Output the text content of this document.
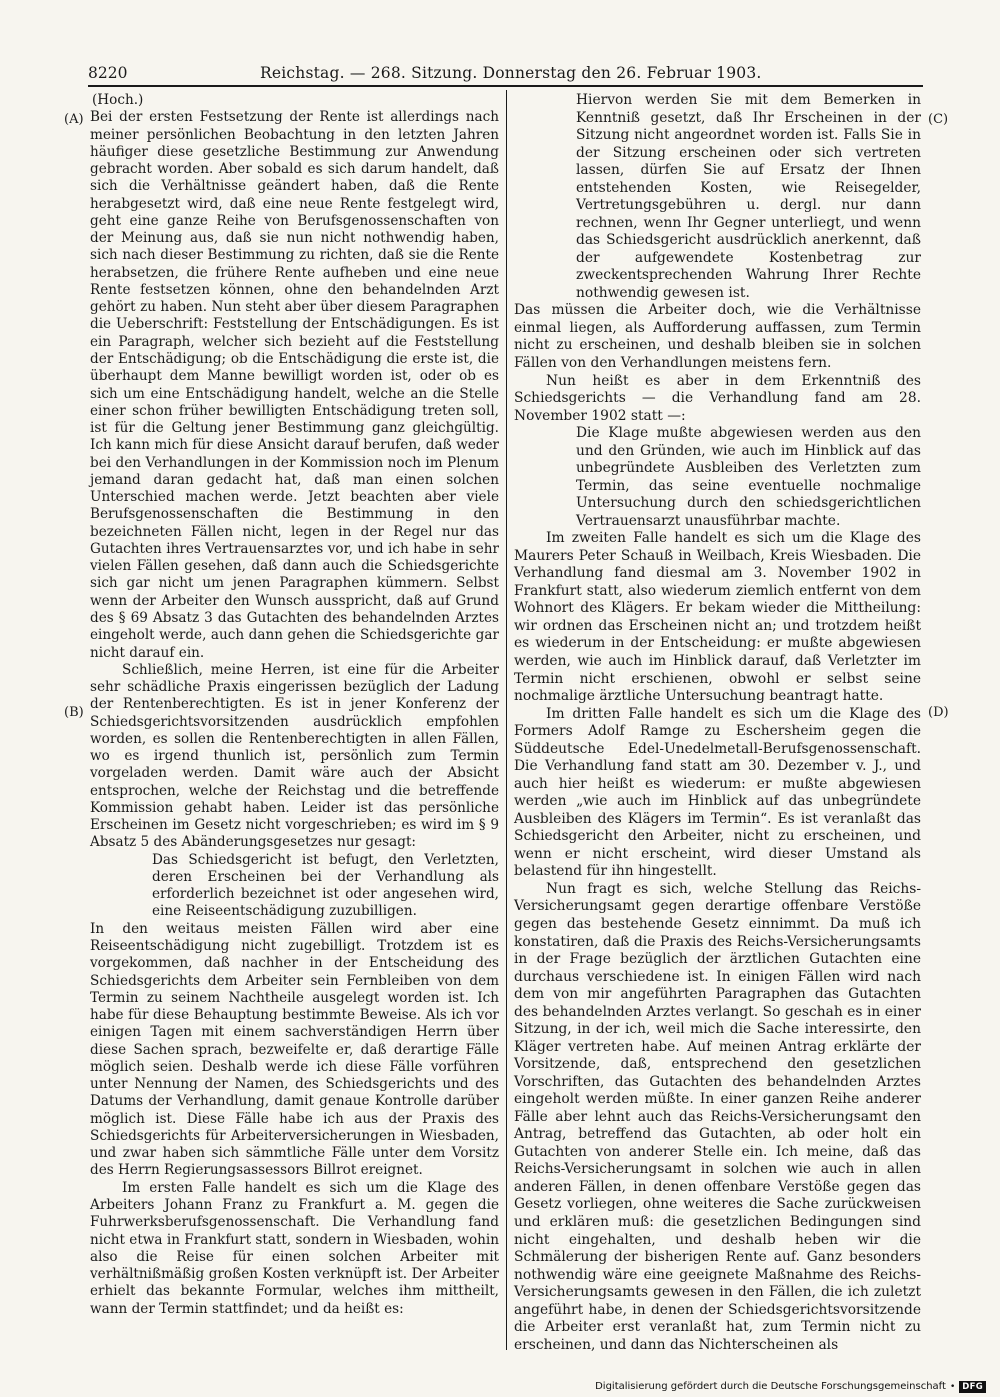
8220	Reichstag. — 268. Sitzung. Donnerstag den 26. Februar 1903.
(A)
(B)
(C)
(D)

(Hoch.)

Bei der ersten Festsetzung der Rente ist allerdings nach meiner persönlichen Beobachtung in den letzten Jahren häufiger diese gesetzliche Bestimmung zur Anwendung gebracht worden. Aber sobald es sich darum handelt, daß sich die Verhältnisse geändert haben, daß die Rente herabgesetzt wird, daß eine neue Rente festgelegt wird, geht eine ganze Reihe von Berufsgenossenschaften von der Meinung aus, daß sie nun nicht nothwendig haben, sich nach dieser Bestimmung zu richten, daß sie die Rente herabsetzen, die frühere Rente aufheben und eine neue Rente festsetzen können, ohne den behandelnden Arzt gehört zu haben. Nun steht aber über diesem Paragraphen die Ueberschrift: Feststellung der Entschädigungen. Es ist ein Paragraph, welcher sich bezieht auf die Feststellung der Entschädigung; ob die Entschädigung die erste ist, die überhaupt dem Manne bewilligt worden ist, oder ob es sich um eine Entschädigung handelt, welche an die Stelle einer schon früher bewilligten Entschädigung treten soll, ist für die Geltung jener Bestimmung ganz gleichgültig. Ich kann mich für diese Ansicht darauf berufen, daß weder bei den Verhandlungen in der Kommission noch im Plenum jemand daran gedacht hat, daß man einen solchen Unterschied machen werde. Jetzt beachten aber viele Berufsgenossenschaften die Bestimmung in den bezeichneten Fällen nicht, legen in der Regel nur das Gutachten ihres Vertrauensarztes vor, und ich habe in sehr vielen Fällen gesehen, daß dann auch die Schiedsgerichte sich gar nicht um jenen Paragraphen kümmern. Selbst wenn der Arbeiter den Wunsch ausspricht, daß auf Grund des § 69 Absatz 3 das Gutachten des behandelnden Arztes eingeholt werde, auch dann gehen die Schiedsgerichte gar nicht darauf ein.

Schließlich, meine Herren, ist eine für die Arbeiter sehr schädliche Praxis eingerissen bezüglich der Ladung der Rentenberechtigten. Es ist in jener Konferenz der Schiedsgerichtsvorsitzenden ausdrücklich empfohlen worden, es sollen die Rentenberechtigten in allen Fällen, wo es irgend thunlich ist, persönlich zum Termin vorgeladen werden. Damit wäre auch der Absicht entsprochen, welche der Reichstag und die betreffende Kommission gehabt haben. Leider ist das persönliche Erscheinen im Gesetz nicht vorgeschrieben; es wird im § 9 Absatz 5 des Abänderungsgesetzes nur gesagt:

Das Schiedsgericht ist befugt, den Verletzten, deren Erscheinen bei der Verhandlung als erforderlich bezeichnet ist oder angesehen wird, eine Reiseentschädigung zuzubilligen.

In den weitaus meisten Fällen wird aber eine Reiseentschädigung nicht zugebilligt. Trotzdem ist es vorgekommen, daß nachher in der Entscheidung des Schiedsgerichts dem Arbeiter sein Fernbleiben von dem Termin zu seinem Nachtheile ausgelegt worden ist. Ich habe für diese Behauptung bestimmte Beweise. Als ich vor einigen Tagen mit einem sachverständigen Herrn über diese Sachen sprach, bezweifelte er, daß derartige Fälle möglich seien. Deshalb werde ich diese Fälle vorführen unter Nennung der Namen, des Schiedsgerichts und des Datums der Verhandlung, damit genaue Kontrolle darüber möglich ist. Diese Fälle habe ich aus der Praxis des Schiedsgerichts für Arbeiterversicherungen in Wiesbaden, und zwar haben sich sämmtliche Fälle unter dem Vorsitz des Herrn Regierungsassessors Billrot ereignet.

Im ersten Falle handelt es sich um die Klage des Arbeiters Johann Franz zu Frankfurt a. M. gegen die Fuhrwerksberufsgenossenschaft. Die Verhandlung fand nicht etwa in Frankfurt statt, sondern in Wiesbaden, wohin also die Reise für einen solchen Arbeiter mit verhältnißmäßig großen Kosten verknüpft ist. Der Arbeiter erhielt das bekannte Formular, welches ihm mittheilt, wann der Termin stattfindet; und da heißt es:

Hiervon werden Sie mit dem Bemerken in Kenntniß gesetzt, daß Ihr Erscheinen in der Sitzung nicht angeordnet worden ist. Falls Sie in der Sitzung erscheinen oder sich vertreten lassen, dürfen Sie auf Ersatz der Ihnen entstehenden Kosten, wie Reisegelder, Vertretungsgebühren u. dergl. nur dann rechnen, wenn Ihr Gegner unterliegt, und wenn das Schiedsgericht ausdrücklich anerkennt, daß der aufgewendete Kostenbetrag zur zweckentsprechenden Wahrung Ihrer Rechte nothwendig gewesen ist.

Das müssen die Arbeiter doch, wie die Verhältnisse einmal liegen, als Aufforderung auffassen, zum Termin nicht zu erscheinen, und deshalb bleiben sie in solchen Fällen von den Verhandlungen meistens fern.

Nun heißt es aber in dem Erkenntniß des Schiedsgerichts — die Verhandlung fand am 28. November 1902 statt —:

Die Klage mußte abgewiesen werden aus den und den Gründen, wie auch im Hinblick auf das unbegründete Ausbleiben des Verletzten zum Termin, das seine eventuelle nochmalige Untersuchung durch den schiedsgerichtlichen Vertrauensarzt unausführbar machte.

Im zweiten Falle handelt es sich um die Klage des Maurers Peter Schauß in Weilbach, Kreis Wiesbaden. Die Verhandlung fand diesmal am 3. November 1902 in Frankfurt statt, also wiederum ziemlich entfernt von dem Wohnort des Klägers. Er bekam wieder die Mittheilung: wir ordnen das Erscheinen nicht an; und trotzdem heißt es wiederum in der Entscheidung: er mußte abgewiesen werden, wie auch im Hinblick darauf, daß Verletzter im Termin nicht erschienen, obwohl er selbst seine nochmalige ärztliche Untersuchung beantragt hatte.

Im dritten Falle handelt es sich um die Klage des Formers Adolf Ramge zu Eschersheim gegen die Süddeutsche Edel-Unedelmetall-Berufsgenossenschaft. Die Verhandlung fand statt am 30. Dezember v. J., und auch hier heißt es wiederum: er mußte abgewiesen werden „wie auch im Hinblick auf das unbegründete Ausbleiben des Klägers im Termin“. Es ist veranlaßt das Schiedsgericht den Arbeiter, nicht zu erscheinen, und wenn er nicht erscheint, wird dieser Umstand als belastend für ihn hingestellt.

Nun fragt es sich, welche Stellung das Reichs-Versicherungsamt gegen derartige offenbare Verstöße gegen das bestehende Gesetz einnimmt. Da muß ich konstatiren, daß die Praxis des Reichs-Versicherungsamts in der Frage bezüglich der ärztlichen Gutachten eine durchaus verschiedene ist. In einigen Fällen wird nach dem von mir angeführten Paragraphen das Gutachten des behandelnden Arztes verlangt. So geschah es in einer Sitzung, in der ich, weil mich die Sache interessirte, den Kläger vertreten habe. Auf meinen Antrag erklärte der Vorsitzende, daß, entsprechend den gesetzlichen Vorschriften, das Gutachten des behandelnden Arztes eingeholt werden müßte. In einer ganzen Reihe anderer Fälle aber lehnt auch das Reichs-Versicherungsamt den Antrag, betreffend das Gutachten, ab oder holt ein Gutachten von anderer Stelle ein. Ich meine, daß das Reichs-Versicherungsamt in solchen wie auch in allen anderen Fällen, in denen offenbare Verstöße gegen das Gesetz vorliegen, ohne weiteres die Sache zurückweisen und erklären muß: die gesetzlichen Bedingungen sind nicht eingehalten, und deshalb heben wir die Schmälerung der bisherigen Rente auf. Ganz besonders nothwendig wäre eine geeignete Maßnahme des Reichs-Versicherungsamts gewesen in den Fällen, die ich zuletzt angeführt habe, in denen der Schiedsgerichtsvorsitzende die Arbeiter erst veranlaßt hat, zum Termin nicht zu erscheinen, und dann das Nichterscheinen als

Digitalisierung gefördert durch die Deutsche Forschungsgemeinschaft • DFG
